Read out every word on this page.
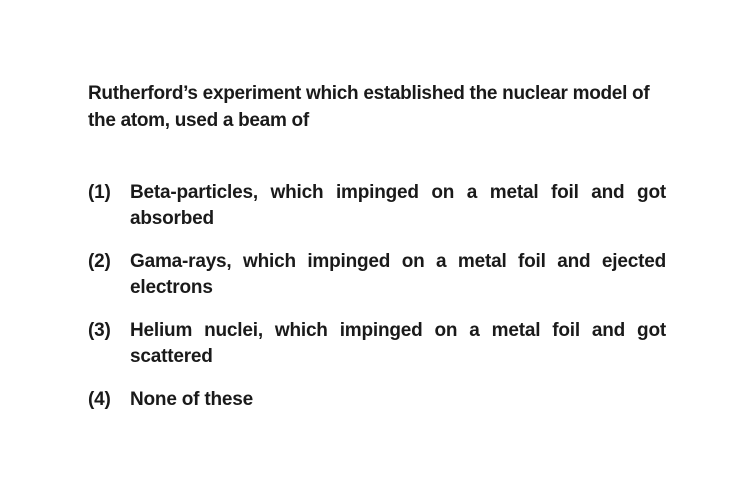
Rutherford’s experiment which established the nuclear model of the atom, used a beam of

(1)	Beta-particles, which impinged on a metal foil and got absorbed
(2)	Gama-rays, which impinged on a metal foil and ejected electrons
(3)	Helium nuclei, which impinged on a metal foil and got scattered
(4)	None of these
